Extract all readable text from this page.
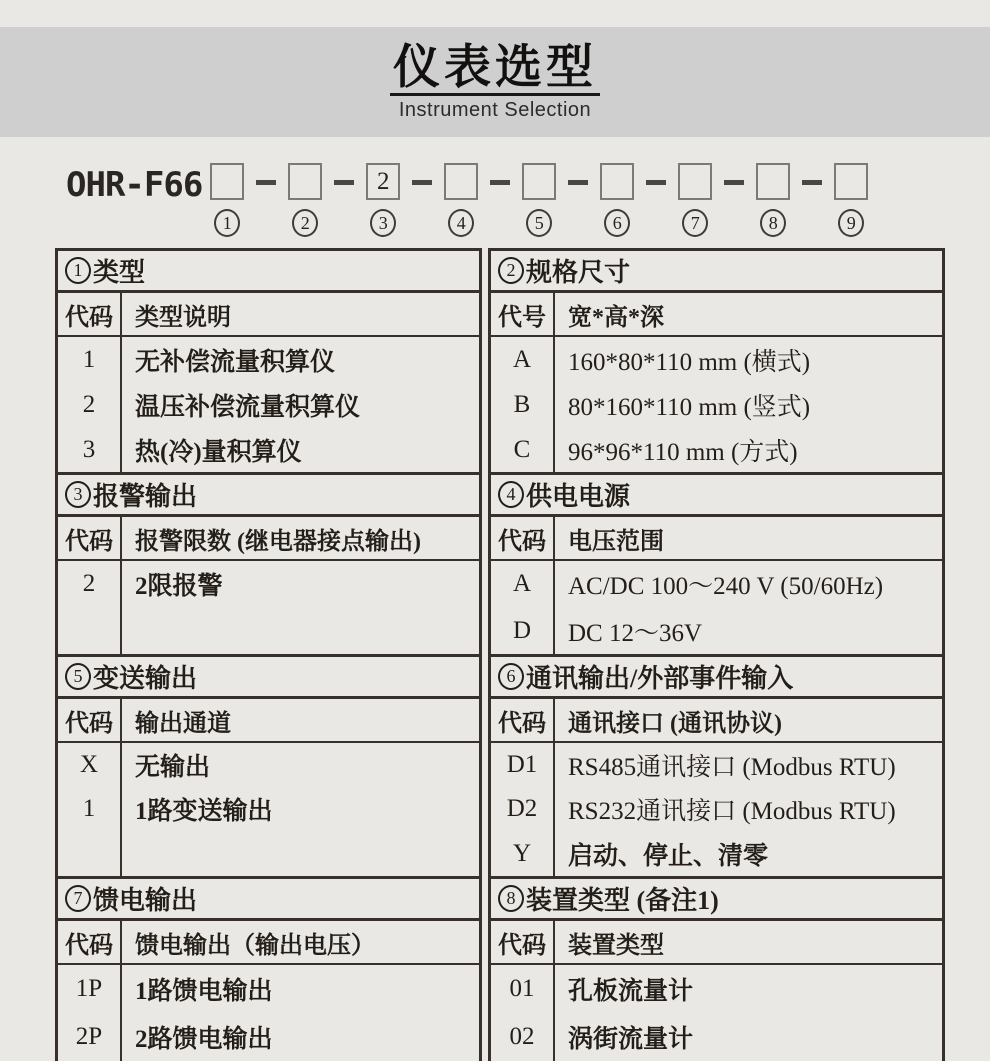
仪表选型
Instrument Selection
OHR-F66
1	2
2
3	4	5	6	7	8	9
1 类型
代码 类型说明
1	无补偿流量积算仪
2	温压补偿流量积算仪
3	热(冷)量积算仪
3 报警输出
代码 报警限数 (继电器接点输出)
2	2限报警
5 变送输出
代码 输出通道
X	无输出
1	1路变送输出
7 馈电输出
代码 馈电输出（输出电压）
1P	1路馈电输出
2P	2路馈电输出
2 规格尺寸
代号 宽*高*深
A	160*80*110 mm (横式)
B	80*160*110 mm (竖式)
C	96*96*110 mm (方式)
4 供电电源
代码 电压范围
A	AC/DC 100～240 V (50/60Hz)
D	DC 12～36V
6 通讯输出/外部事件输入
代码 通讯接口 (通讯协议)
D1	RS485通讯接口 (Modbus RTU)
D2	RS232通讯接口 (Modbus RTU)
Y	启动、停止、清零
8 装置类型 (备注1)
代码 装置类型
01	孔板流量计
02	涡街流量计
